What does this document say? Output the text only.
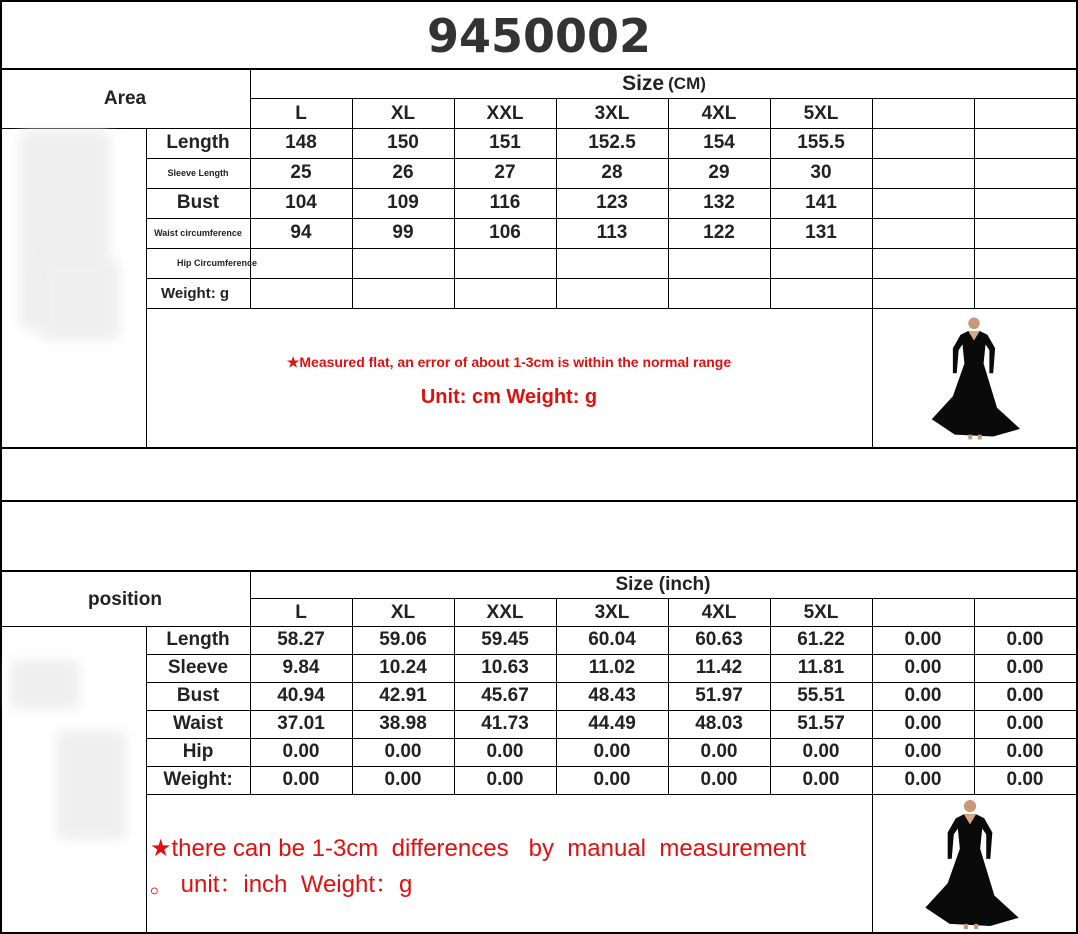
9450002
Area
Size (CM)
L	XL	XXL	3XL	4XL	5XL
Length	148	150	151	152.5	154	155.5
Sleeve Length	25	26	27	28	29	30
Bust	104	109	116	123	132	141
Waist circumference	94	99	106	113	122	131
Hip Circumference
Weight: g
★Measured flat, an error of about 1-3cm is within the normal range
Unit: cm Weight: g
position
Size (inch)
L	XL	XXL	3XL	4XL	5XL
Length	58.27	59.06	59.45	60.04	60.63	61.22	0.00	0.00
Sleeve	9.84	10.24	10.63	11.02	11.42	11.81	0.00	0.00
Bust	40.94	42.91	45.67	48.43	51.97	55.51	0.00	0.00
Waist	37.01	38.98	41.73	44.49	48.03	51.57	0.00	0.00
Hip	0.00	0.00	0.00	0.00	0.00	0.00	0.00	0.00
Weight:	0.00	0.00	0.00	0.00	0.00	0.00	0.00	0.00
★there can be 1-3cm  differences   by  manual  measurement
。 unit：inch  Weight：g
